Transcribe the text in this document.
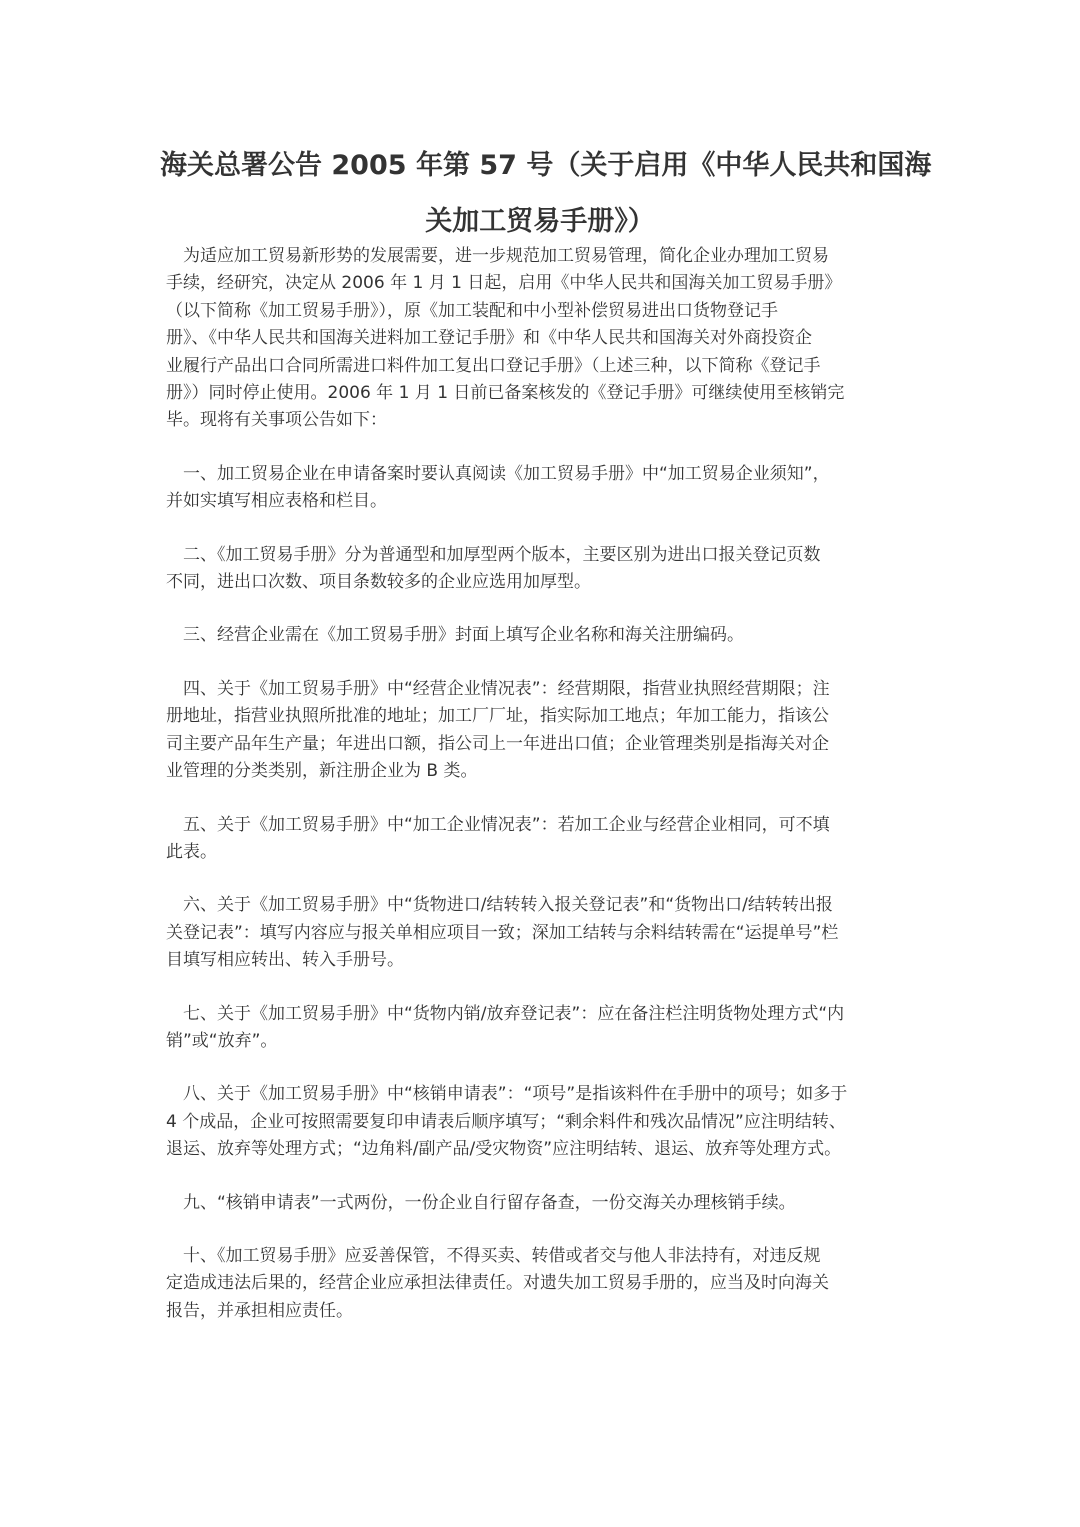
海关总署公告 2005 年第 57 号（关于启用《中华人民共和国海
关加工贸易手册》）

　为适应加工贸易新形势的发展需要，进一步规范加工贸易管理，简化企业办理加工贸易
手续，经研究，决定从 2006 年 1 月 1 日起，启用《中华人民共和国海关加工贸易手册》
（以下简称《加工贸易手册》），原《加工装配和中小型补偿贸易进出口货物登记手
册》、《中华人民共和国海关进料加工登记手册》和《中华人民共和国海关对外商投资企
业履行产品出口合同所需进口料件加工复出口登记手册》（上述三种，以下简称《登记手
册》）同时停止使用。2006 年 1 月 1 日前已备案核发的《登记手册》可继续使用至核销完
毕。现将有关事项公告如下：

　一、加工贸易企业在申请备案时要认真阅读《加工贸易手册》中“加工贸易企业须知”，
并如实填写相应表格和栏目。

　二、《加工贸易手册》分为普通型和加厚型两个版本，主要区别为进出口报关登记页数
不同，进出口次数、项目条数较多的企业应选用加厚型。

　三、经营企业需在《加工贸易手册》封面上填写企业名称和海关注册编码。

　四、关于《加工贸易手册》中“经营企业情况表”：经营期限，指营业执照经营期限；注
册地址，指营业执照所批准的地址；加工厂厂址，指实际加工地点；年加工能力，指该公
司主要产品年生产量；年进出口额，指公司上一年进出口值；企业管理类别是指海关对企
业管理的分类类别，新注册企业为 B 类。

　五、关于《加工贸易手册》中“加工企业情况表”：若加工企业与经营企业相同，可不填
此表。

　六、关于《加工贸易手册》中“货物进口/结转转入报关登记表”和“货物出口/结转转出报
关登记表”：填写内容应与报关单相应项目一致；深加工结转与余料结转需在“运提单号”栏
目填写相应转出、转入手册号。

　七、关于《加工贸易手册》中“货物内销/放弃登记表”：应在备注栏注明货物处理方式“内
销”或“放弃”。

　八、关于《加工贸易手册》中“核销申请表”：“项号”是指该料件在手册中的项号；如多于
4 个成品，企业可按照需要复印申请表后顺序填写；“剩余料件和残次品情况”应注明结转、
退运、放弃等处理方式；“边角料/副产品/受灾物资”应注明结转、退运、放弃等处理方式。

　九、“核销申请表”一式两份，一份企业自行留存备查，一份交海关办理核销手续。

　十、《加工贸易手册》应妥善保管，不得买卖、转借或者交与他人非法持有，对违反规
定造成违法后果的，经营企业应承担法律责任。对遗失加工贸易手册的，应当及时向海关
报告，并承担相应责任。
